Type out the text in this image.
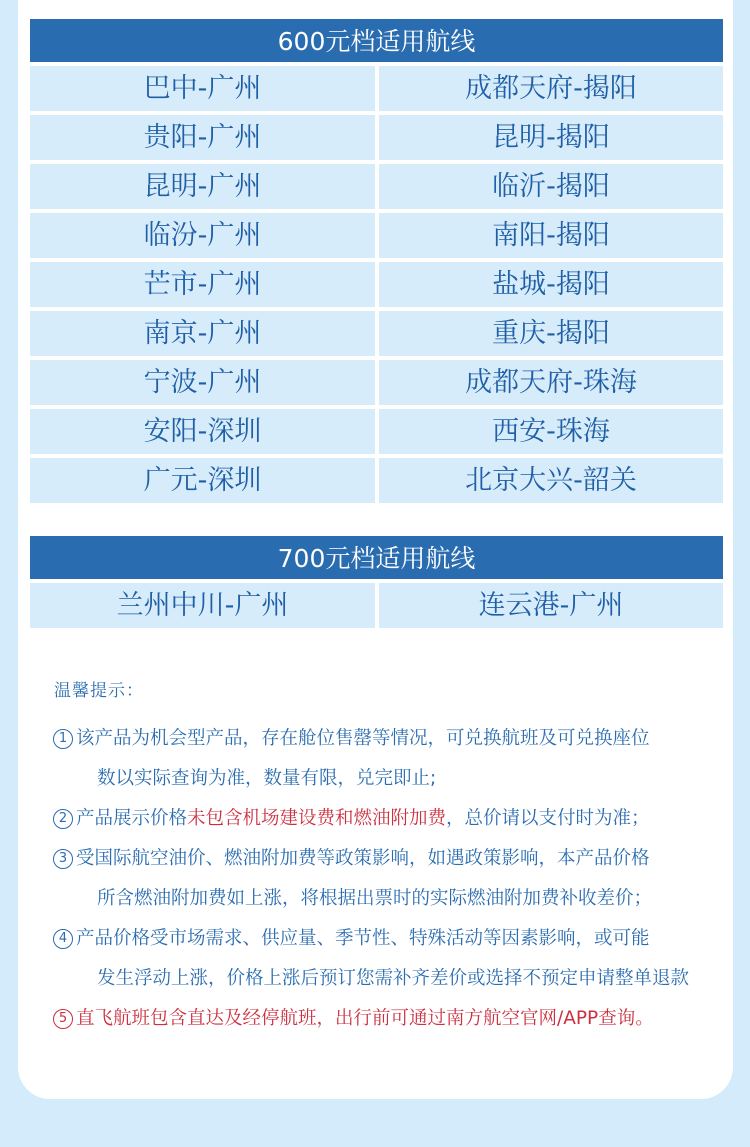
600元档适用航线
巴中-广州	成都天府-揭阳
贵阳-广州	昆明-揭阳
昆明-广州	临沂-揭阳
临汾-广州	南阳-揭阳
芒市-广州	盐城-揭阳
南京-广州	重庆-揭阳
宁波-广州	成都天府-珠海
安阳-深圳	西安-珠海
广元-深圳	北京大兴-韶关
700元档适用航线
兰州中川-广州	连云港-广州
温馨提示：
1 该产品为机会型产品，存在舱位售罄等情况，可兑换航班及可兑换座位
数以实际查询为准，数量有限，兑完即止;
2 产品展示价格未包含机场建设费和燃油附加费，总价请以支付时为准；
3 受国际航空油价、燃油附加费等政策影响，如遇政策影响，本产品价格
所含燃油附加费如上涨，将根据出票时的实际燃油附加费补收差价；
4 产品价格受市场需求、供应量、季节性、特殊活动等因素影响，或可能
发生浮动上涨，价格上涨后预订您需补齐差价或选择不预定申请整单退款
5 直飞航班包含直达及经停航班，出行前可通过南方航空官网/APP查询。
